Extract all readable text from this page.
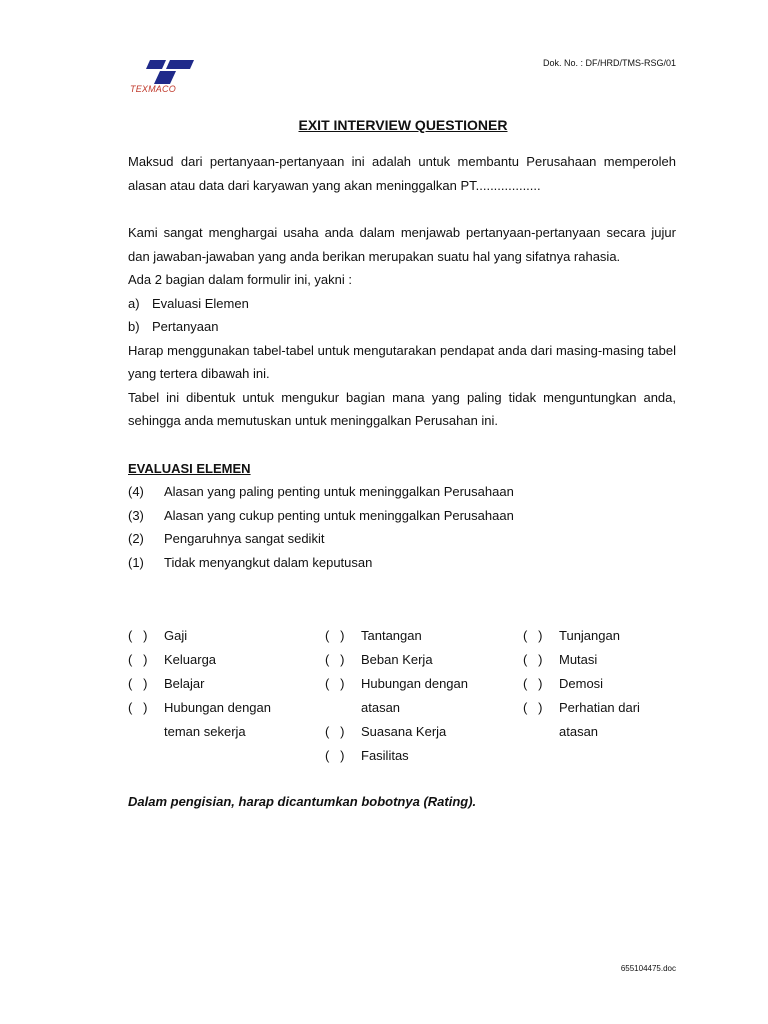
TEXMACO
Dok. No. : DF/HRD/TMS-RSG/01
EXIT INTERVIEW QUESTIONER

Maksud dari pertanyaan-pertanyaan ini adalah untuk membantu Perusahaan memperoleh alasan atau data dari karyawan yang akan meninggalkan PT..................

Kami sangat menghargai usaha anda dalam menjawab pertanyaan-pertanyaan secara jujur dan jawaban-jawaban yang anda berikan merupakan suatu hal yang sifatnya rahasia.

Ada 2 bagian dalam formulir ini, yakni :

a) Evaluasi Elemen
b) Pertanyaan

Harap menggunakan tabel-tabel untuk mengutarakan pendapat anda dari masing-masing tabel yang tertera dibawah ini.

Tabel ini dibentuk untuk mengukur bagian mana yang paling tidak menguntungkan anda, sehingga anda memutuskan untuk meninggalkan Perusahan ini.

EVALUASI ELEMEN
(4)	Alasan yang paling penting untuk meninggalkan Perusahaan
(3)	Alasan yang cukup penting untuk meninggalkan Perusahaan
(2)	Pengaruhnya sangat sedikit
(1)	Tidak menyangkut dalam keputusan
(   )	Gaji
(   )	Keluarga
(   )	Belajar
(   )	Hubungan dengan teman sekerja
(   )	Tantangan
(   )	Beban Kerja
(   )	Hubungan dengan atasan
(   )	Suasana Kerja
(   )	Fasilitas
(   )	Tunjangan
(   )	Mutasi
(   )	Demosi
(   )	Perhatian dari atasan
Dalam pengisian, harap dicantumkan bobotnya (Rating).
655104475.doc
